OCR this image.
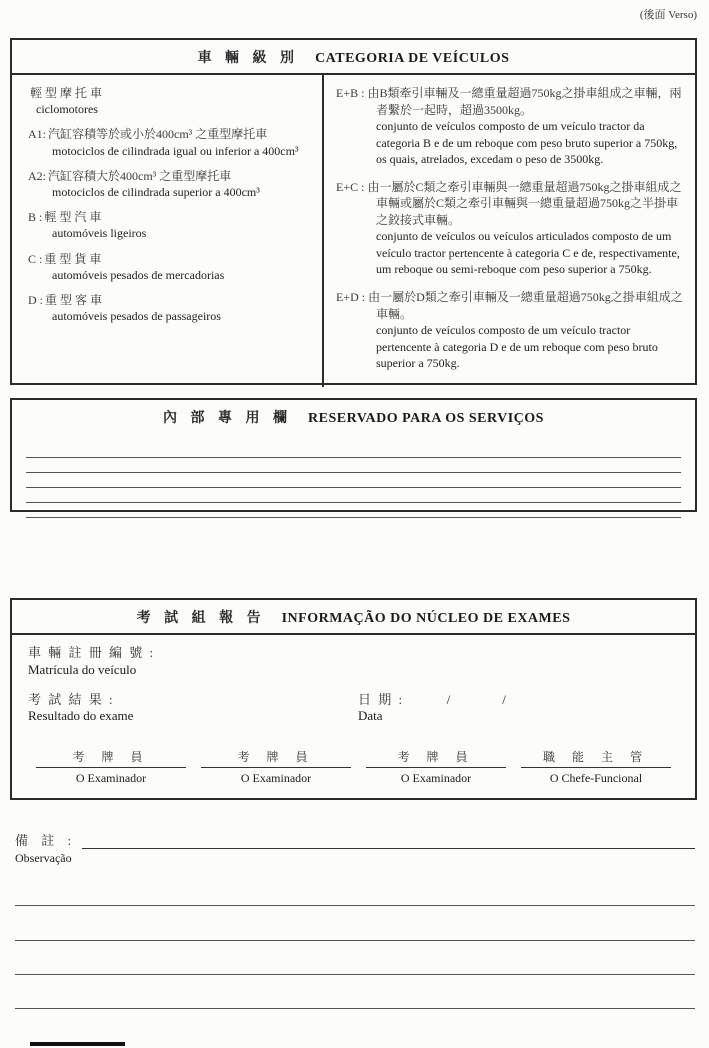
(後面 Verso)
車 輛 級 別 CATEGORIA DE VEÍCULOS
輕 型 摩 托 車
ciclomotores
A1: 汽缸容積等於或小於400cm³ 之重型摩托車
motociclos de cilindrada igual ou inferior a 400cm³
A2: 汽缸容積大於400cm³ 之重型摩托車
motociclos de cilindrada superior a 400cm³
B : 輕 型 汽 車
automóveis ligeiros
C : 重 型 貨 車
automóveis pesados de mercadorias
D : 重 型 客 車
automóveis pesados de passageiros
E+B : 由B類牽引車輛及一總重量超過750kg之掛車組成之車輛，兩者繫於一起時，超過3500kg。
conjunto de veículos composto de um veículo tractor da categoria B e de um reboque com peso bruto superior a 750kg, os quais, atrelados, excedam o peso de 3500kg.
E+C : 由一屬於C類之牽引車輛與一總重量超過750kg之掛車組成之車輛或屬於C類之牽引車輛與一總重量超過750kg之半掛車之鉸接式車輛。
conjunto de veículos ou veículos articulados composto de um veículo tractor pertencente à categoria C e de, respectivamente, um reboque ou semi-reboque com peso superior a 750kg.
E+D : 由一屬於D類之牽引車輛及一總重量超過750kg之掛車組成之車輛。
conjunto de veículos composto de um veículo tractor pertencente à categoria D e de um reboque com peso bruto superior a 750kg.
內 部 專 用 欄 RESERVADO PARA OS SERVIÇOS
考 試 組 報 告 INFORMAÇÃO DO NÚCLEO DE EXAMES
車 輛 註 冊 編 號 :
Matrícula do veículo
考 試 結 果 :
Resultado do exame
日 期 :          /            /
Data
考 牌 員
O Examinador
考 牌 員
O Examinador
考 牌 員
O Examinador
職 能 主 管
O Chefe-Funcional
備 註 :
Observação
